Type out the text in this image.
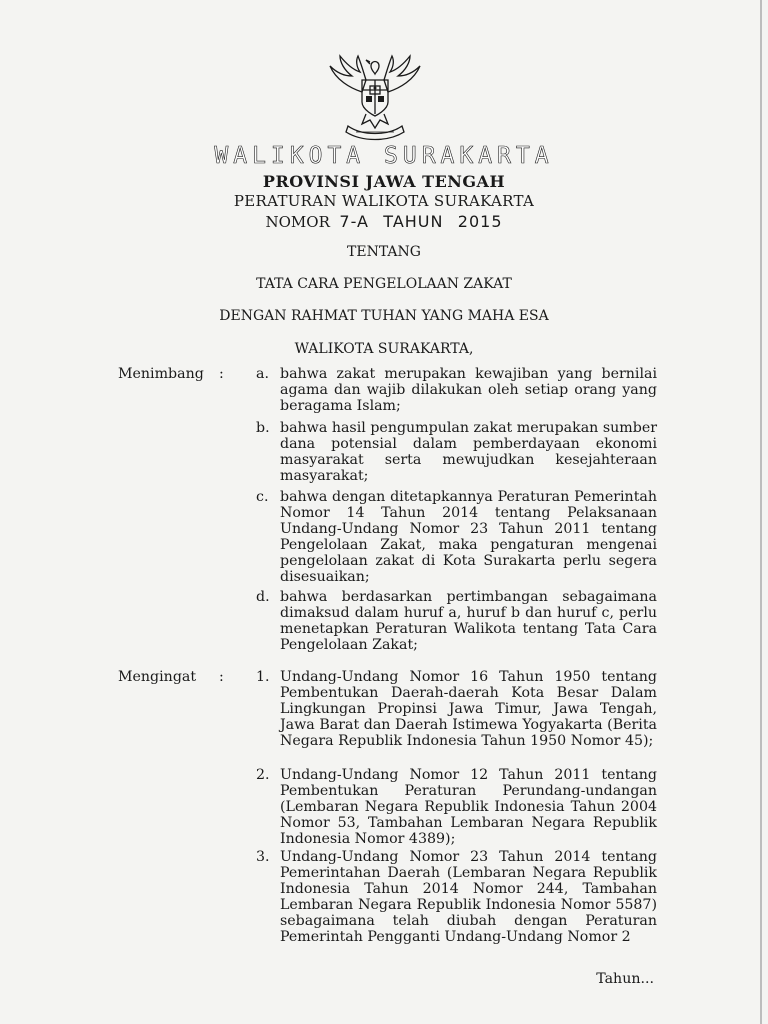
WALIKOTA SURAKARTA
PROVINSI JAWA TENGAH
PERATURAN WALIKOTA SURAKARTA
NOMOR 7-A TAHUN 2015
TENTANG
TATA CARA PENGELOLAAN ZAKAT
DENGAN RAHMAT TUHAN YANG MAHA ESA
WALIKOTA SURAKARTA,
Menimbang : a. bahwa zakat merupakan kewajiban yang bernilai agama dan wajib dilakukan oleh setiap orang yang beragama Islam;
b. bahwa hasil pengumpulan zakat merupakan sumber dana potensial dalam pemberdayaan ekonomi masyarakat serta mewujudkan kesejahteraan masyarakat;
c. bahwa dengan ditetapkannya Peraturan Pemerintah Nomor 14 Tahun 2014 tentang Pelaksanaan Undang-Undang Nomor 23 Tahun 2011 tentang Pengelolaan Zakat, maka pengaturan mengenai pengelolaan zakat di Kota Surakarta perlu segera disesuaikan;
d. bahwa berdasarkan pertimbangan sebagaimana dimaksud dalam huruf a, huruf b dan huruf c, perlu menetapkan Peraturan Walikota tentang Tata Cara Pengelolaan Zakat;
Mengingat : 1. Undang-Undang Nomor 16 Tahun 1950 tentang Pembentukan Daerah-daerah Kota Besar Dalam Lingkungan Propinsi Jawa Timur, Jawa Tengah, Jawa Barat dan Daerah Istimewa Yogyakarta (Berita Negara Republik Indonesia Tahun 1950 Nomor 45);
2. Undang-Undang Nomor 12 Tahun 2011 tentang Pembentukan Peraturan Perundang-undangan (Lembaran Negara Republik Indonesia Tahun 2004 Nomor 53, Tambahan Lembaran Negara Republik Indonesia Nomor 4389);
3. Undang-Undang Nomor 23 Tahun 2014 tentang Pemerintahan Daerah (Lembaran Negara Republik Indonesia Tahun 2014 Nomor 244, Tambahan Lembaran Negara Republik Indonesia Nomor 5587) sebagaimana telah diubah dengan Peraturan Pemerintah Pengganti Undang-Undang Nomor 2
Tahun...
